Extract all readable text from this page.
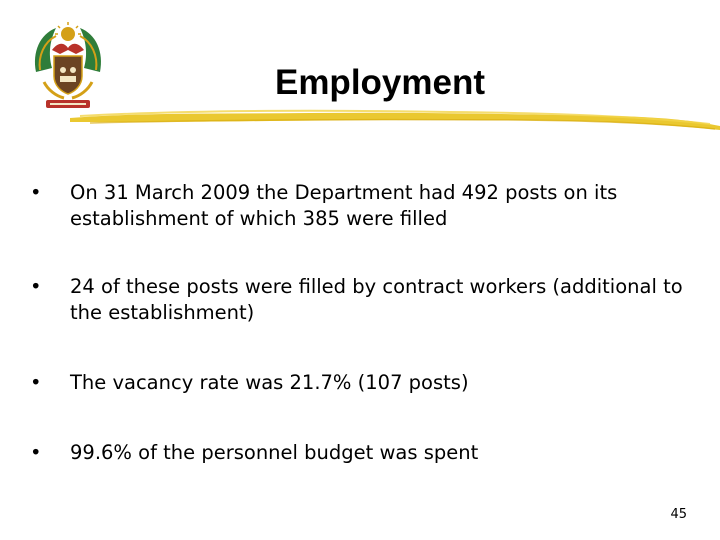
Employment
• On 31 March 2009 the Department had 492 posts on its establishment of which 385 were filled
• 24 of these posts were filled by contract workers (additional to the establishment)
• The vacancy rate was 21.7% (107 posts)
• 99.6% of the personnel budget was spent
45
